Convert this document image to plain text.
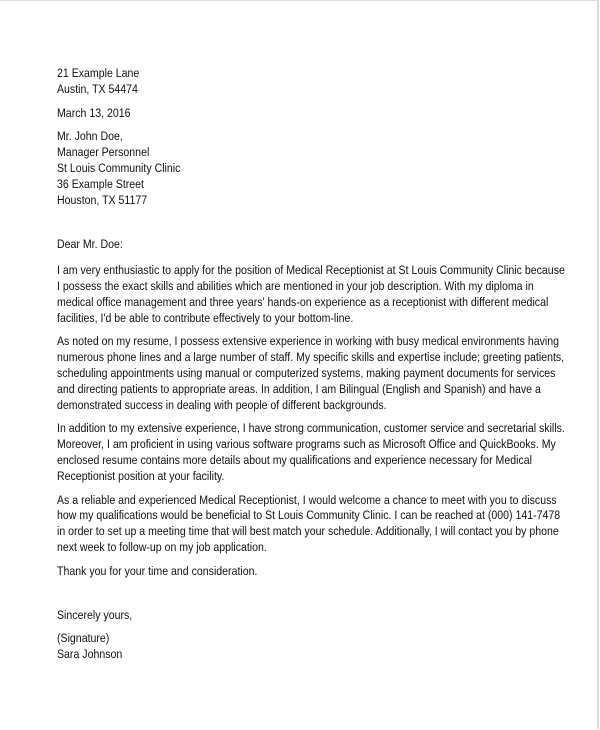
21 Example Lane
Austin, TX 54474
March 13, 2016
Mr. John Doe,
Manager Personnel
St Louis Community Clinic
36 Example Street
Houston, TX 51177
Dear Mr. Doe:
I am very enthusiastic to apply for the position of Medical Receptionist at St Louis Community Clinic because
I possess the exact skills and abilities which are mentioned in your job description. With my diploma in
medical office management and three years' hands-on experience as a receptionist with different medical
facilities, I'd be able to contribute effectively to your bottom-line.
As noted on my resume, I possess extensive experience in working with busy medical environments having
numerous phone lines and a large number of staff. My specific skills and expertise include; greeting patients,
scheduling appointments using manual or computerized systems, making payment documents for services
and directing patients to appropriate areas. In addition, I am Bilingual (English and Spanish) and have a
demonstrated success in dealing with people of different backgrounds.
In addition to my extensive experience, I have strong communication, customer service and secretarial skills.
Moreover, I am proficient in using various software programs such as Microsoft Office and QuickBooks. My
enclosed resume contains more details about my qualifications and experience necessary for Medical
Receptionist position at your facility.
As a reliable and experienced Medical Receptionist, I would welcome a chance to meet with you to discuss
how my qualifications would be beneficial to St Louis Community Clinic. I can be reached at (000) 141-7478
in order to set up a meeting time that will best match your schedule. Additionally, I will contact you by phone
next week to follow-up on my job application.
Thank you for your time and consideration.
Sincerely yours,
(Signature)
Sara Johnson
